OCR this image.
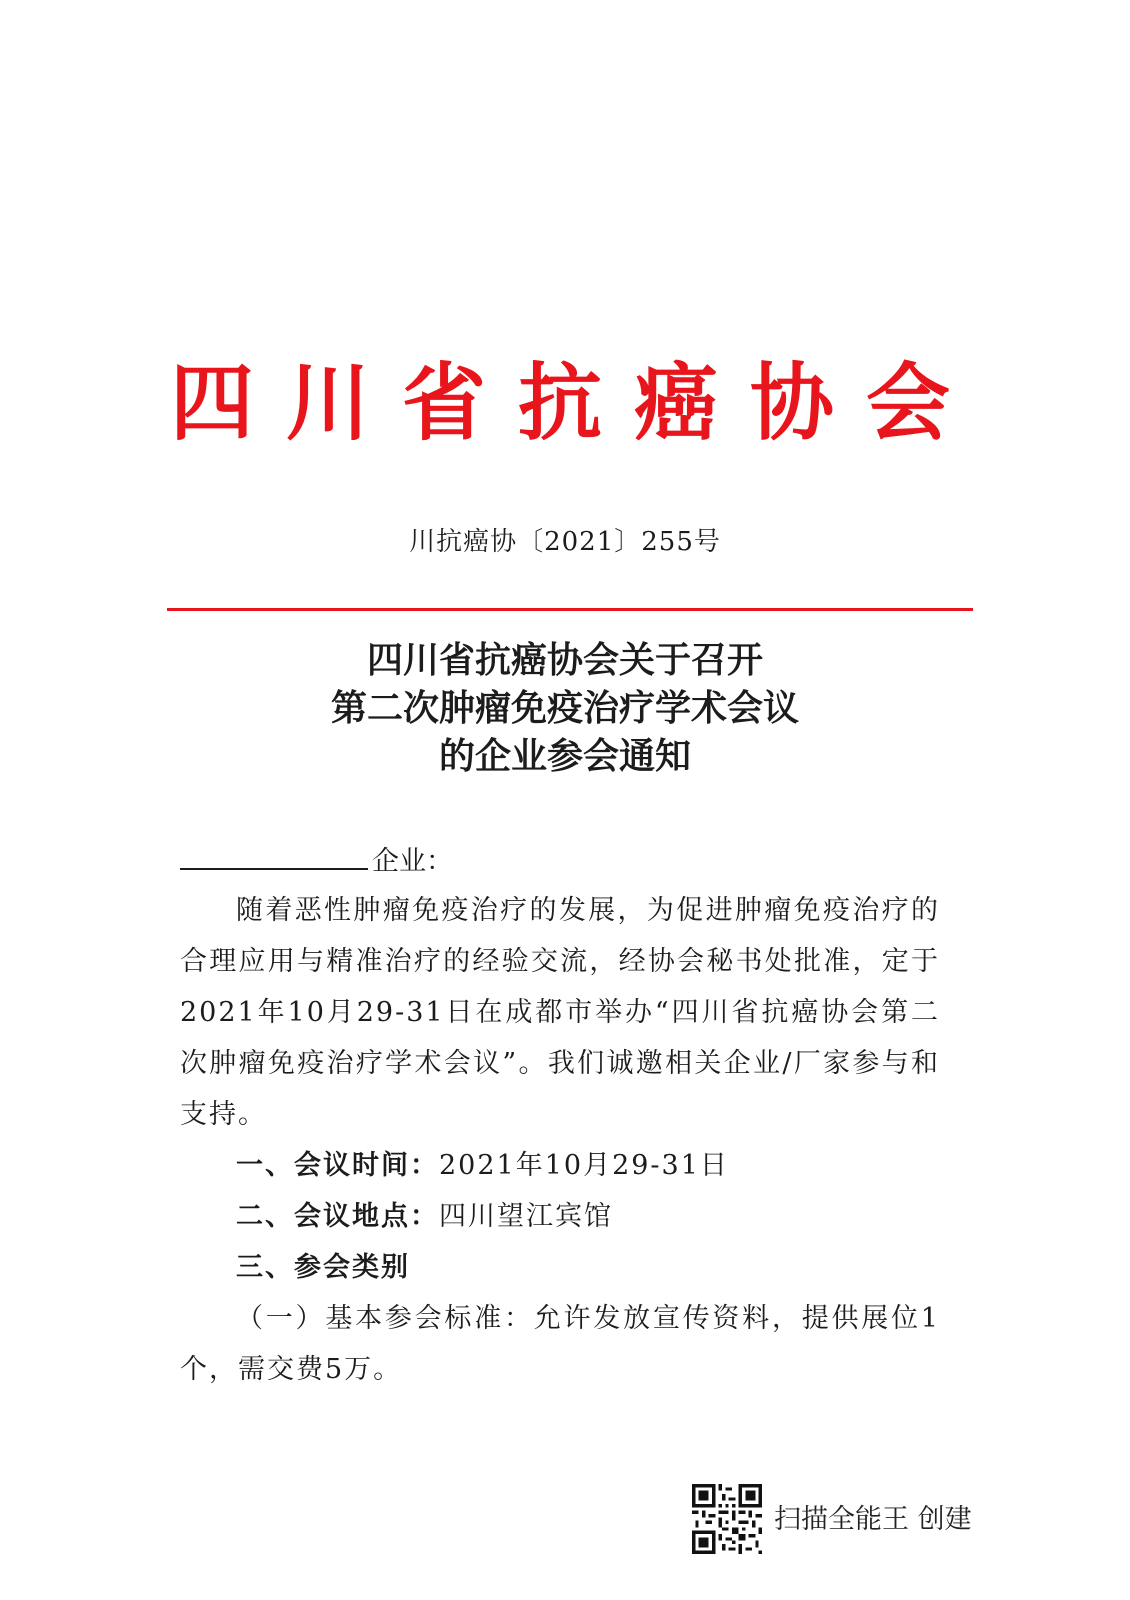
四川省抗癌协会
川抗癌协〔2021〕255号
四川省抗癌协会关于召开
第二次肿瘤免疫治疗学术会议
的企业参会通知
企业：

随着恶性肿瘤免疫治疗的发展，为促进肿瘤免疫治疗的合理应用与精准治疗的经验交流，经协会秘书处批准，定于2021年10月29-31日在成都市举办“四川省抗癌协会第二次肿瘤免疫治疗学术会议”。我们诚邀相关企业/厂家参与和支持。

一、会议时间：2021年10月29-31日

二、会议地点：四川望江宾馆

三、参会类别

（一）基本参会标准：允许发放宣传资料，提供展位1个，需交费5万。

扫描全能王 创建
